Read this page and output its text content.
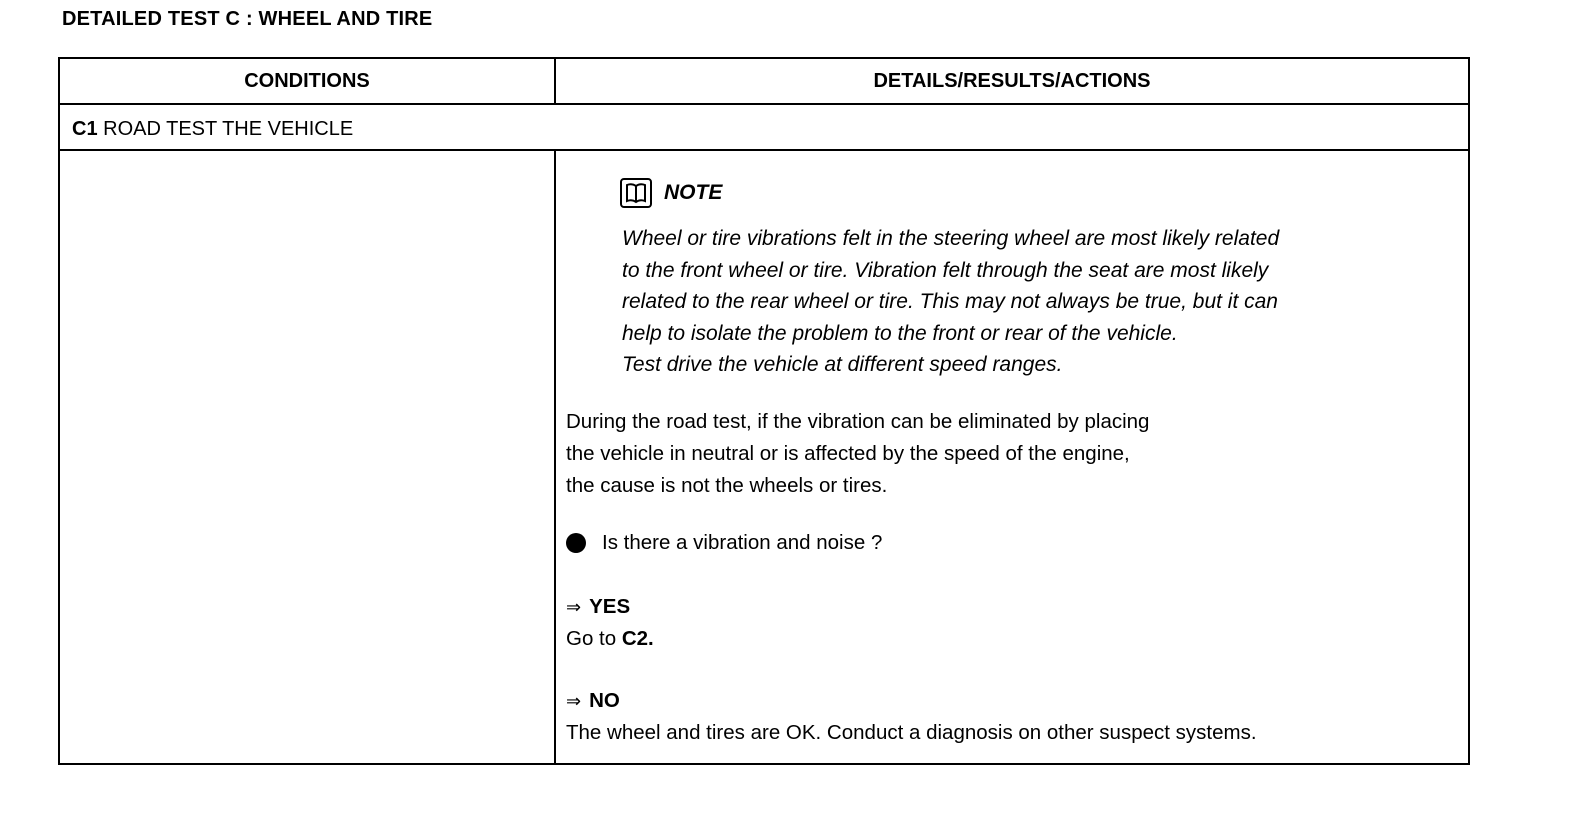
DETAILED TEST C : WHEEL AND TIRE
CONDITIONS	DETAILS/RESULTS/ACTIONS
C1 ROAD TEST THE VEHICLE
NOTE
Wheel or tire vibrations felt in the steering wheel are most likely related
to the front wheel or tire. Vibration felt through the seat are most likely
related to the rear wheel or tire. This may not always be true, but it can
help to isolate the problem to the front or rear of the vehicle.
Test drive the vehicle at different speed ranges.
During the road test, if the vibration can be eliminated by placing
the vehicle in neutral or is affected by the speed of the engine,
the cause is not the wheels or tires.
Is there a vibration and noise ?
⇒ YES
Go to C2.
⇒ NO
The wheel and tires are OK. Conduct a diagnosis on other suspect systems.
